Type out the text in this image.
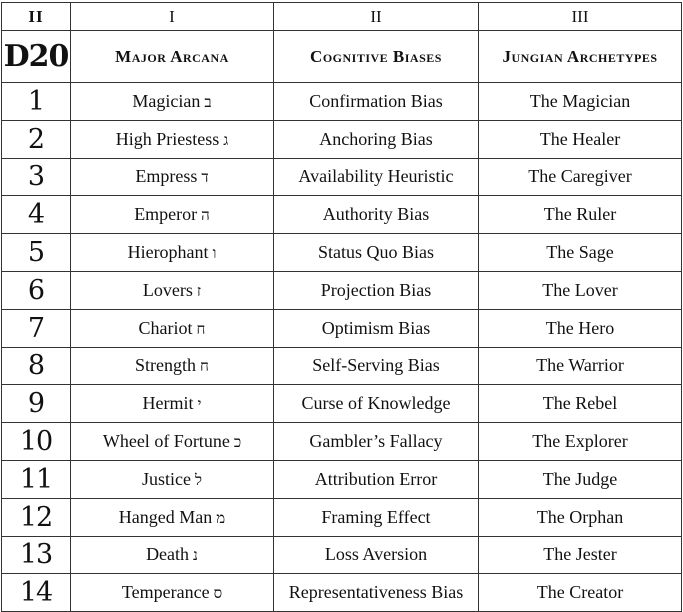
II	I	II	III
D20	Major Arcana	Cognitive Biases	Jungian Archetypes
1	Magician ב	Confirmation Bias	The Magician
2	High Priestess ג	Anchoring Bias	The Healer
3	Empress ד	Availability Heuristic	The Caregiver
4	Emperor ה	Authority Bias	The Ruler
5	Hierophant ו	Status Quo Bias	The Sage
6	Lovers ז	Projection Bias	The Lover
7	Chariot ח	Optimism Bias	The Hero
8	Strength ח	Self-Serving Bias	The Warrior
9	Hermit י	Curse of Knowledge	The Rebel
10	Wheel of Fortune כ	Gambler’s Fallacy	The Explorer
11	Justice ל	Attribution Error	The Judge
12	Hanged Man מ	Framing Effect	The Orphan
13	Death נ	Loss Aversion	The Jester
14	Temperance ס	Representativeness Bias	The Creator
